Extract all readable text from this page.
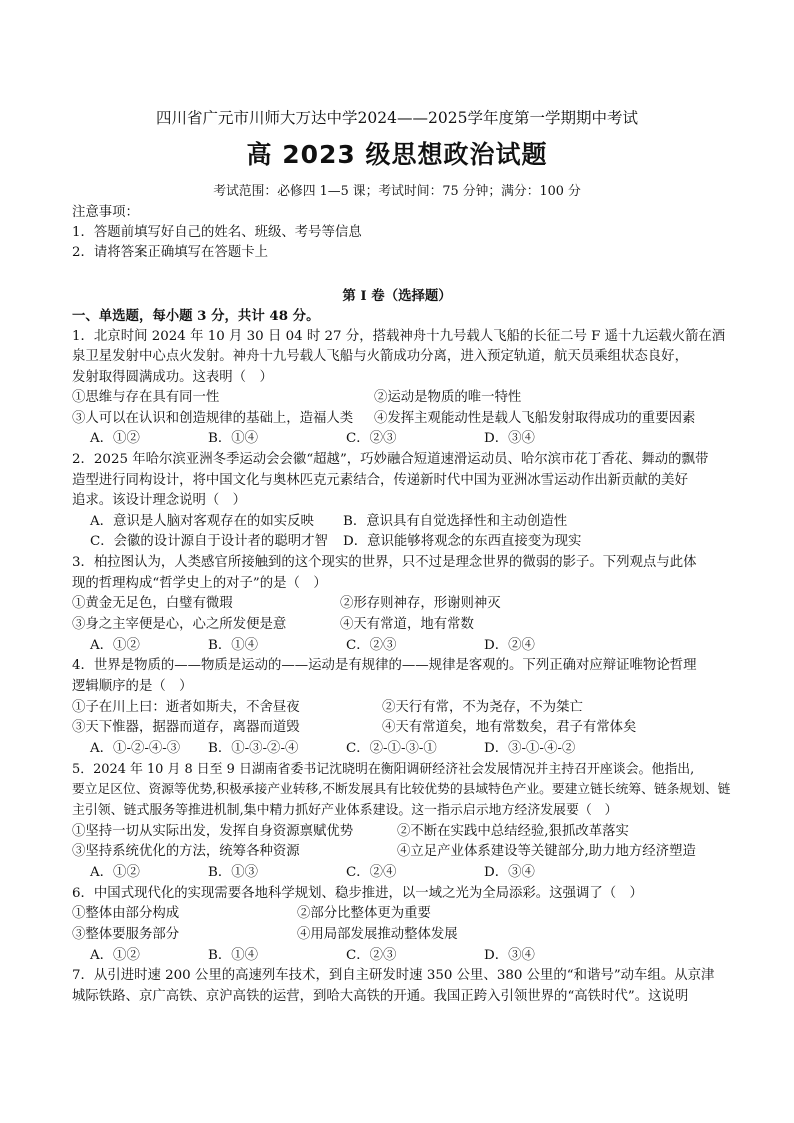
四川省广元市川师大万达中学2024——2025学年度第一学期期中考试
高 2023 级思想政治试题
考试范围：必修四 1—5 课；考试时间：75 分钟；满分：100 分
注意事项：
1．答题前填写好自己的姓名、班级、考号等信息
2．请将答案正确填写在答题卡上
第 I 卷（选择题）
一、单选题，每小题 3 分，共计 48 分。
1．北京时间 2024 年 10 月 30 日 04 时 27 分，搭载神舟十九号载人飞船的长征二号 F 遥十九运载火箭在酒
泉卫星发射中心点火发射。神舟十九号载人飞船与火箭成功分离，进入预定轨道，航天员乘组状态良好，
发射取得圆满成功。这表明（　）
①思维与存在具有同一性	②运动是物质的唯一特性
③人可以在认识和创造规律的基础上，造福人类 ④发挥主观能动性是载人飞船发射取得成功的重要因素
A．①②	B．①④	C．②③	D．③④
2．2025 年哈尔滨亚洲冬季运动会会徽“超越”，巧妙融合短道速滑运动员、哈尔滨市花丁香花、舞动的飘带
造型进行同构设计，将中国文化与奥林匹克元素结合，传递新时代中国为亚洲冰雪运动作出新贡献的美好
追求。该设计理念说明（　）
A．意识是人脑对客观存在的如实反映 B．意识具有自觉选择性和主动创造性
C．会徽的设计源自于设计者的聪明才智 D．意识能够将观念的东西直接变为现实
3．柏拉图认为，人类感官所接触到的这个现实的世界，只不过是理念世界的微弱的影子。下列观点与此体
现的哲理构成“哲学史上的对子”的是（　）
①黄金无足色，白璧有微瑕	②形存则神存，形谢则神灭
③身之主宰便是心，心之所发便是意	④天有常道，地有常数
A．①②	B．①④	C．②③	D．②④
4．世界是物质的——物质是运动的——运动是有规律的——规律是客观的。下列正确对应辩证唯物论哲理
逻辑顺序的是（　）
①子在川上曰：逝者如斯夫，不舍昼夜	②天行有常，不为尧存，不为桀亡
③天下惟器，据器而道存，离器而道毁	④天有常道矣，地有常数矣，君子有常体矣
A．①-②-④-③ B．①-③-②-④	C．②-①-③-①	D．③-①-④-②
5．2024 年 10 月 8 日至 9 日湖南省委书记沈晓明在衡阳调研经济社会发展情况并主持召开座谈会。他指出,
要立足区位、资源等优势,积极承接产业转移,不断发展具有比较优势的县域特色产业。要建立链长统筹、链条规划、链
主引领、链式服务等推进机制,集中精力抓好产业体系建设。这一指示启示地方经济发展要（　）
①坚持一切从实际出发，发挥自身资源禀赋优势	②不断在实践中总结经验,狠抓改革落实
③坚持系统优化的方法，统筹各种资源	④立足产业体系建设等关键部分,助力地方经济塑造
A．①②	B．①③	C．②④	D．③④
6．中国式现代化的实现需要各地科学规划、稳步推进，以一域之光为全局添彩。这强调了（　）
①整体由部分构成	②部分比整体更为重要
③整体要服务部分	④用局部发展推动整体发展
A．①②	B．①④	C．②③	D．③④
7．从引进时速 200 公里的高速列车技术，到自主研发时速 350 公里、380 公里的“和谐号”动车组。从京津
城际铁路、京广高铁、京沪高铁的运营，到哈大高铁的开通。我国正跨入引领世界的“高铁时代”。这说明
